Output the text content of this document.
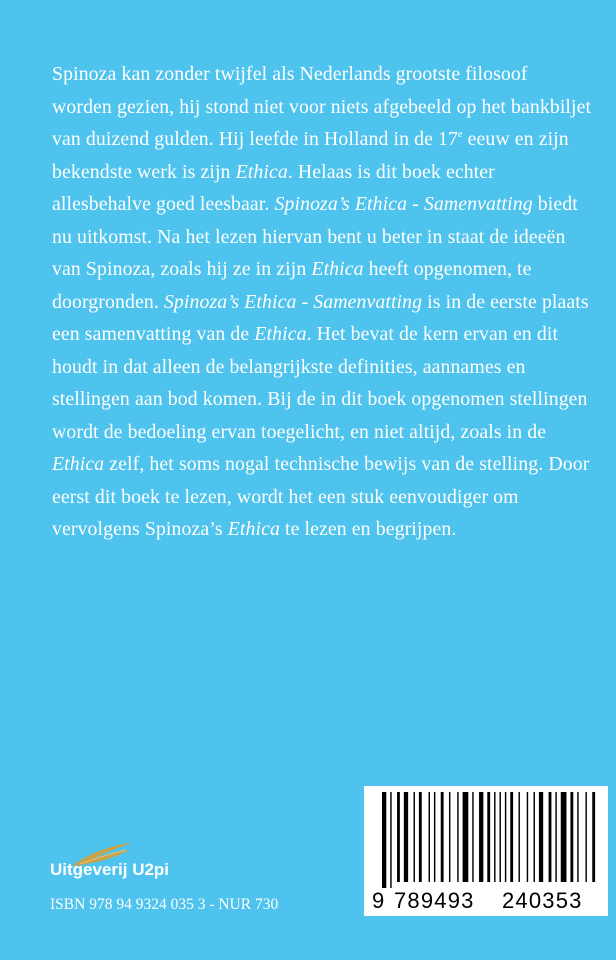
Spinoza kan zonder twijfel als Nederlands grootste filosoof worden gezien, hij stond niet voor niets afgebeeld op het bankbiljet van duizend gulden. Hij leefde in Holland in de 17e eeuw en zijn bekendste werk is zijn Ethica. Helaas is dit boek echter allesbehalve goed leesbaar. Spinoza’s Ethica - Samenvatting biedt nu uitkomst. Na het lezen hiervan bent u beter in staat de ideeën van Spinoza, zoals hij ze in zijn Ethica heeft opgenomen, te doorgronden. Spinoza’s Ethica - Samenvatting is in de eerste plaats een samenvatting van de Ethica. Het bevat de kern ervan en dit houdt in dat alleen de belangrijkste definities, aannames en stellingen aan bod komen. Bij de in dit boek opgenomen stellingen wordt de bedoeling ervan toegelicht, en niet altijd, zoals in de Ethica zelf, het soms nogal technische bewijs van de stelling. Door eerst dit boek te lezen, wordt het een stuk eenvoudiger om vervolgens Spinoza’s Ethica te lezen en begrijpen.

Uitgeverij U2pi
ISBN 978 94 9324 035 3 - NUR 730	9 789493 240353
